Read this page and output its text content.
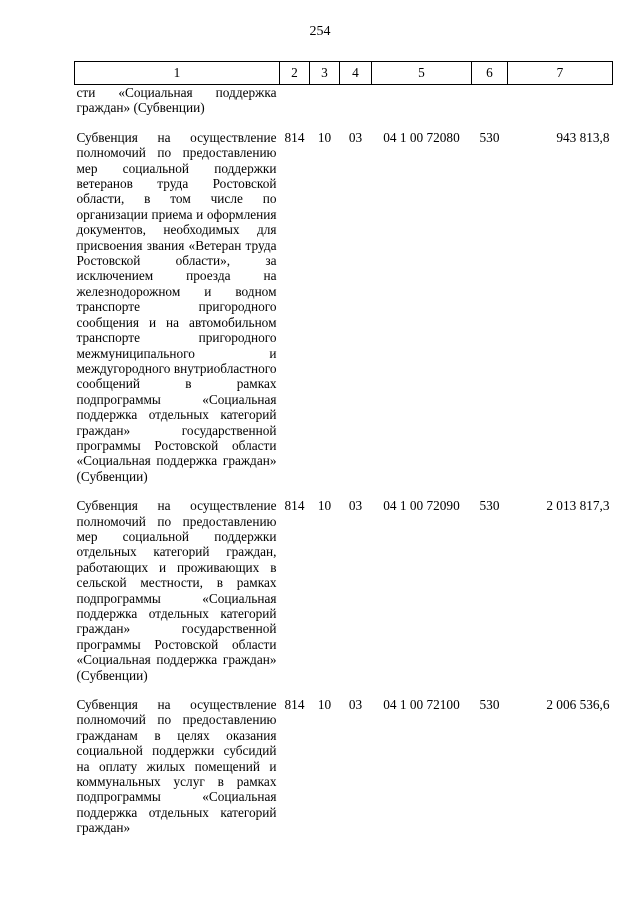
254
1	2	3	4	5	6	7
сти «Социальная поддержка граждан» (Субвенции)						
Субвенция на осуществление полномочий по предоставлению мер социальной поддержки ветеранов труда Ростовской области, в том числе по организации приема и оформления документов, необходимых для присвоения звания «Ветеран труда Ростовской области», за исключением проезда на железнодорожном и водном транспорте пригородного сообщения и на автомобильном транспорте пригородного межмуниципального и междугородного внутриобластного сообщений в рамках подпрограммы «Социальная поддержка отдельных категорий граждан» государственной программы Ростовской области «Социальная поддержка граждан» (Субвенции)	814	10	03	04 1 00 72080	530	943 813,8
Субвенция на осуществление полномочий по предоставлению мер социальной поддержки отдельных категорий граждан, работающих и проживающих в сельской местности, в рамках подпрограммы «Социальная поддержка отдельных категорий граждан» государственной программы Ростовской области «Социальная поддержка граждан» (Субвенции)	814	10	03	04 1 00 72090	530	2 013 817,3
Субвенция на осуществление полномочий по предоставлению гражданам в целях оказания социальной поддержки субсидий на оплату жилых помещений и коммунальных услуг в рамках подпрограммы «Социальная поддержка отдельных категорий граждан»	814	10	03	04 1 00 72100	530	2 006 536,6
